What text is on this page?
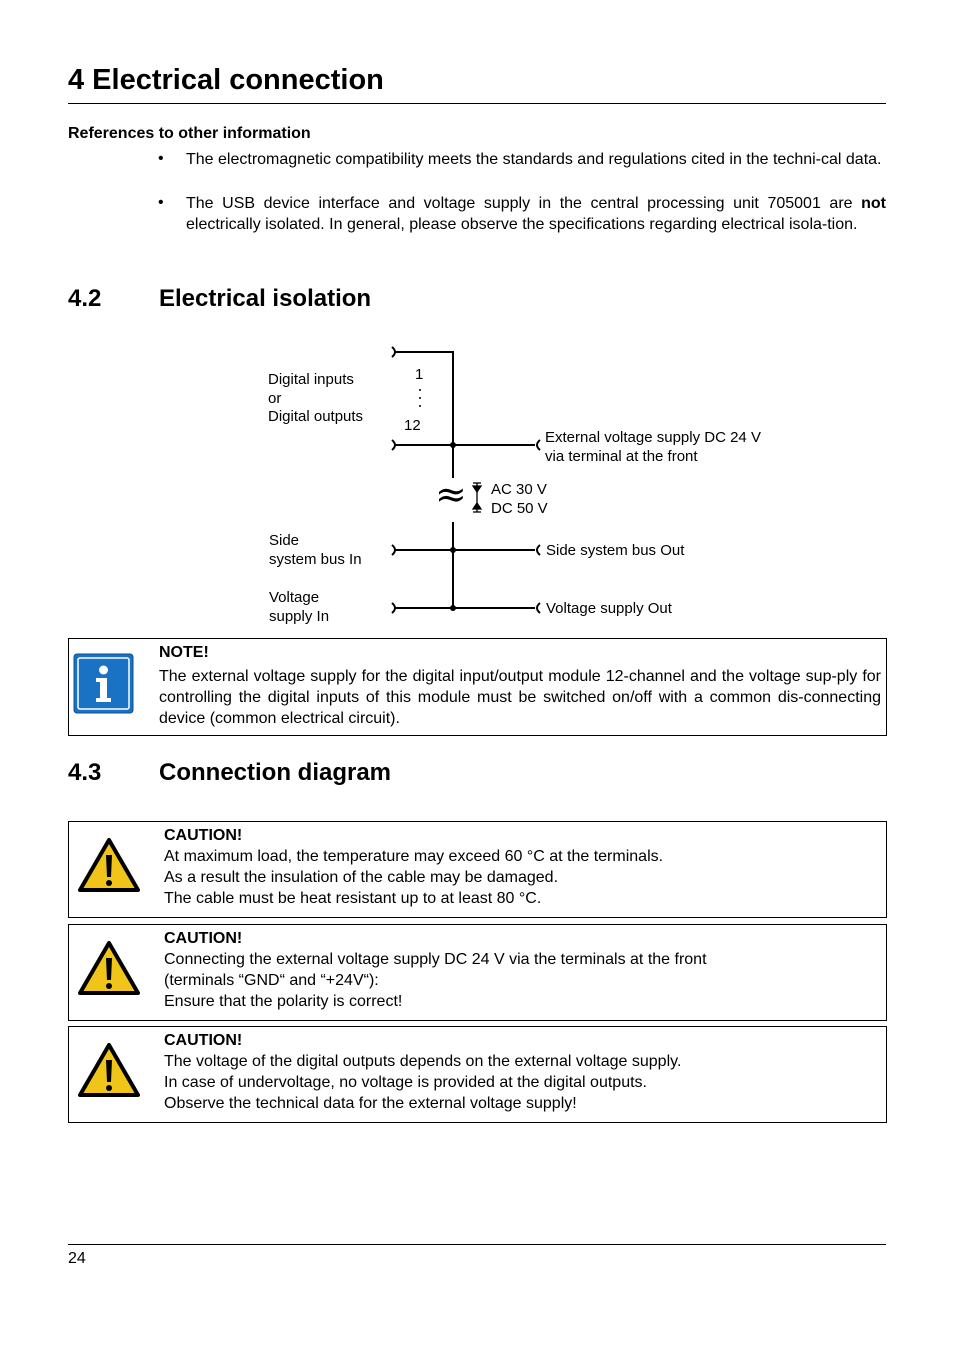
4 Electrical connection
References to other information
• The electromagnetic compatibility meets the standards and regulations cited in the techni-cal data.
• The USB device interface and voltage supply in the central processing unit 705001 are not electrically isolated. In general, please observe the specifications regarding electrical isola-tion.
4.2 Electrical isolation
Digital inputs
or
Digital outputs
1
12
External voltage supply DC 24 V
via terminal at the front
≈ AC 30 V
DC 50 V
Side
system bus In	Side system bus Out
Voltage
supply In	Voltage supply Out
NOTE!
The external voltage supply for the digital input/output module 12-channel and the voltage sup-ply for controlling the digital inputs of this module must be switched on/off with a common dis-connecting device (common electrical circuit).
4.3 Connection diagram
CAUTION!
At maximum load, the temperature may exceed 60 °C at the terminals.
As a result the insulation of the cable may be damaged.
The cable must be heat resistant up to at least 80 °C.
CAUTION!
Connecting the external voltage supply DC 24 V via the terminals at the front
(terminals “GND“ and “+24V“):
Ensure that the polarity is correct!
CAUTION!
The voltage of the digital outputs depends on the external voltage supply.
In case of undervoltage, no voltage is provided at the digital outputs.
Observe the technical data for the external voltage supply!
24
